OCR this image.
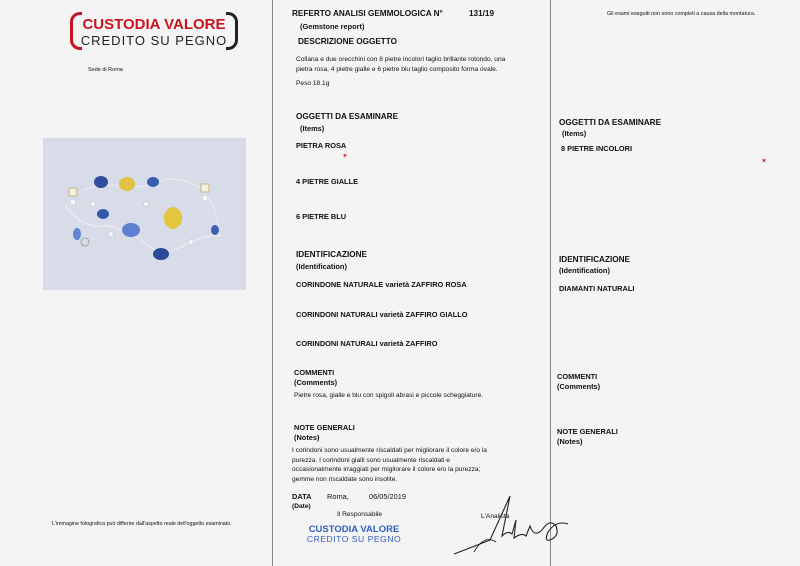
CUSTODIA VALORE
CREDITO SU PEGNO
Sede di Roma
L'immagine fotografica può differire dall'aspetto reale dell'oggetto esaminato.
REFERTO ANALISI GEMMOLOGICA N°	131/19
(Gemstone report)
DESCRIZIONE OGGETTO
Collana e due orecchini con 8 pietre incolori taglio brillante rotondo, una
pietra rosa, 4 pietre gialle e 6 pietre blu taglio composito forma ovale.
Peso 18.1g
OGGETTI DA ESAMINARE
(Items)
PIETRA ROSA
4 PIETRE GIALLE
6 PIETRE BLU
IDENTIFICAZIONE
(Identification)
CORINDONE NATURALE varietà ZAFFIRO ROSA
CORINDONI NATURALI varietà ZAFFIRO GIALLO
CORINDONI NATURALI varietà ZAFFIRO
COMMENTI
(Comments)
Pietre rosa, gialle e blu con spigoli abrasi e piccole scheggiature.
NOTE GENERALI
(Notes)
I corindoni sono usualmente riscaldati per migliorare il colore e/o la
purezza. I corindoni gialli sono usualmente riscaldati e
occasionalmente irraggiati per migliorare il colore e/o la purezza;
gemme non riscaldate sono insolite.
DATA
(Date)
Roma,	06/05/2019
Il Responsabile
CUSTODIA VALORE
CREDITO SU PEGNO
L'Analista
Gli esami eseguiti non sono completi a causa della montatura.
OGGETTI DA ESAMINARE
(Items)
8 PIETRE INCOLORI
IDENTIFICAZIONE
(Identification)
DIAMANTI NATURALI
COMMENTI
(Comments)
NOTE GENERALI
(Notes)
✶
✶
